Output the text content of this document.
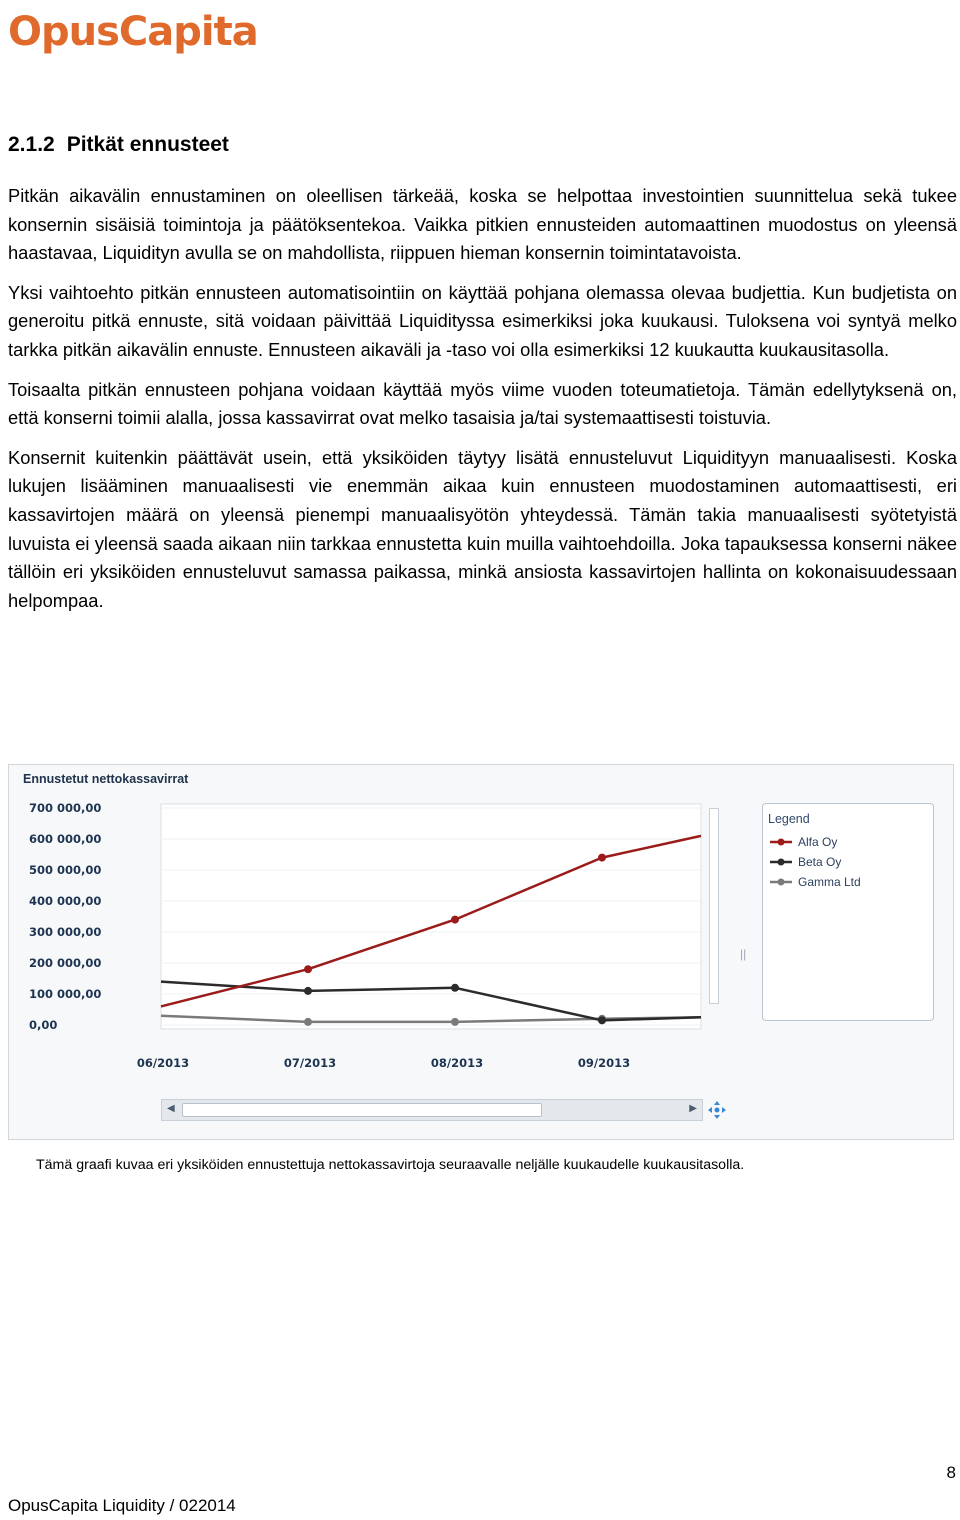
OpusCapita
2.1.2 Pitkät ennusteet

Pitkän aikavälin ennustaminen on oleellisen tärkeää, koska se helpottaa investointien suunnittelua sekä tukee konsernin sisäisiä toimintoja ja päätöksentekoa. Vaikka pitkien ennusteiden automaattinen muodostus on yleensä haastavaa, Liquidityn avulla se on mahdollista, riippuen hieman konsernin toimintatavoista.

Yksi vaihtoehto pitkän ennusteen automatisointiin on käyttää pohjana olemassa olevaa budjettia. Kun budjetista on generoitu pitkä ennuste, sitä voidaan päivittää Liquidityssa esimerkiksi joka kuukausi. Tuloksena voi syntyä melko tarkka pitkän aikavälin ennuste. Ennusteen aikaväli ja -taso voi olla esimerkiksi 12 kuukautta kuukausitasolla.

Toisaalta pitkän ennusteen pohjana voidaan käyttää myös viime vuoden toteumatietoja. Tämän edellytyksenä on, että konserni toimii alalla, jossa kassavirrat ovat melko tasaisia ja/tai systemaattisesti toistuvia.

Konsernit kuitenkin päättävät usein, että yksiköiden täytyy lisätä ennusteluvut Liquidityyn manuaalisesti. Koska lukujen lisääminen manuaalisesti vie enemmän aikaa kuin ennusteen muodostaminen automaattisesti, eri kassavirtojen määrä on yleensä pienempi manuaalisyötön yhteydessä. Tämän takia manuaalisesti syötetyistä luvuista ei yleensä saada aikaan niin tarkkaa ennustetta kuin muilla vaihtoehdoilla. Joka tapauksessa konserni näkee tällöin eri yksiköiden ennusteluvut samassa paikassa, minkä ansiosta kassavirtojen hallinta on kokonaisuudessaan helpompaa.

Ennustetut nettokassavirrat
700 000,00
600 000,00
500 000,00
400 000,00
300 000,00
200 000,00
100 000,00
0,00
06/2013	07/2013	08/2013	09/2013
Legend
Alfa Oy
Beta Oy
Gamma Ltd
||
◀	▶
Tämä graafi kuvaa eri yksiköiden ennustettuja nettokassavirtoja seuraavalle neljälle kuukaudelle kuukausitasolla.
8
OpusCapita Liquidity / 022014
